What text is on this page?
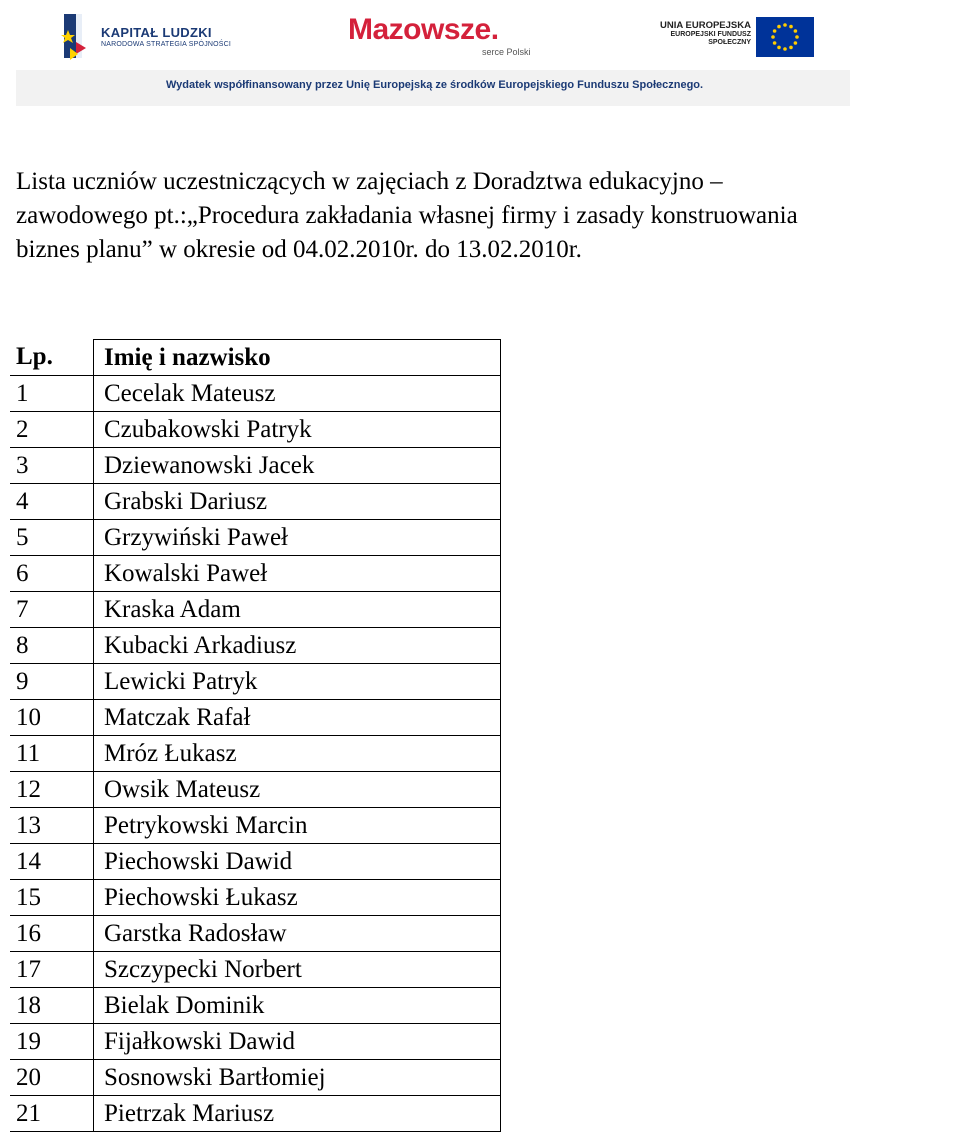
KAPITAŁ LUDZKI
NARODOWA STRATEGIA SPÓJNOŚCI	Mazowsze.
serce Polski
UNIA EUROPEJSKA
EUROPEJSKI FUNDUSZ
SPOŁECZNY
Wydatek współfinansowany przez Unię Europejską ze środków Europejskiego Funduszu Społecznego.
Lista uczniów uczestniczących w zajęciach z Doradztwa edukacyjno –
zawodowego pt.:„Procedura zakładania własnej firmy i zasady konstruowania
biznes planu” w okresie od 04.02.2010r. do 13.02.2010r.
Lp.	Imię i nazwisko
1	Cecelak Mateusz
2	Czubakowski Patryk
3	Dziewanowski Jacek
4	Grabski Dariusz
5	Grzywiński Paweł
6	Kowalski Paweł
7	Kraska Adam
8	Kubacki Arkadiusz
9	Lewicki Patryk
10	Matczak Rafał
11	Mróz Łukasz
12	Owsik Mateusz
13	Petrykowski Marcin
14	Piechowski Dawid
15	Piechowski Łukasz
16	Garstka Radosław
17	Szczypecki Norbert
18	Bielak Dominik
19	Fijałkowski Dawid
20	Sosnowski Bartłomiej
21	Pietrzak Mariusz
